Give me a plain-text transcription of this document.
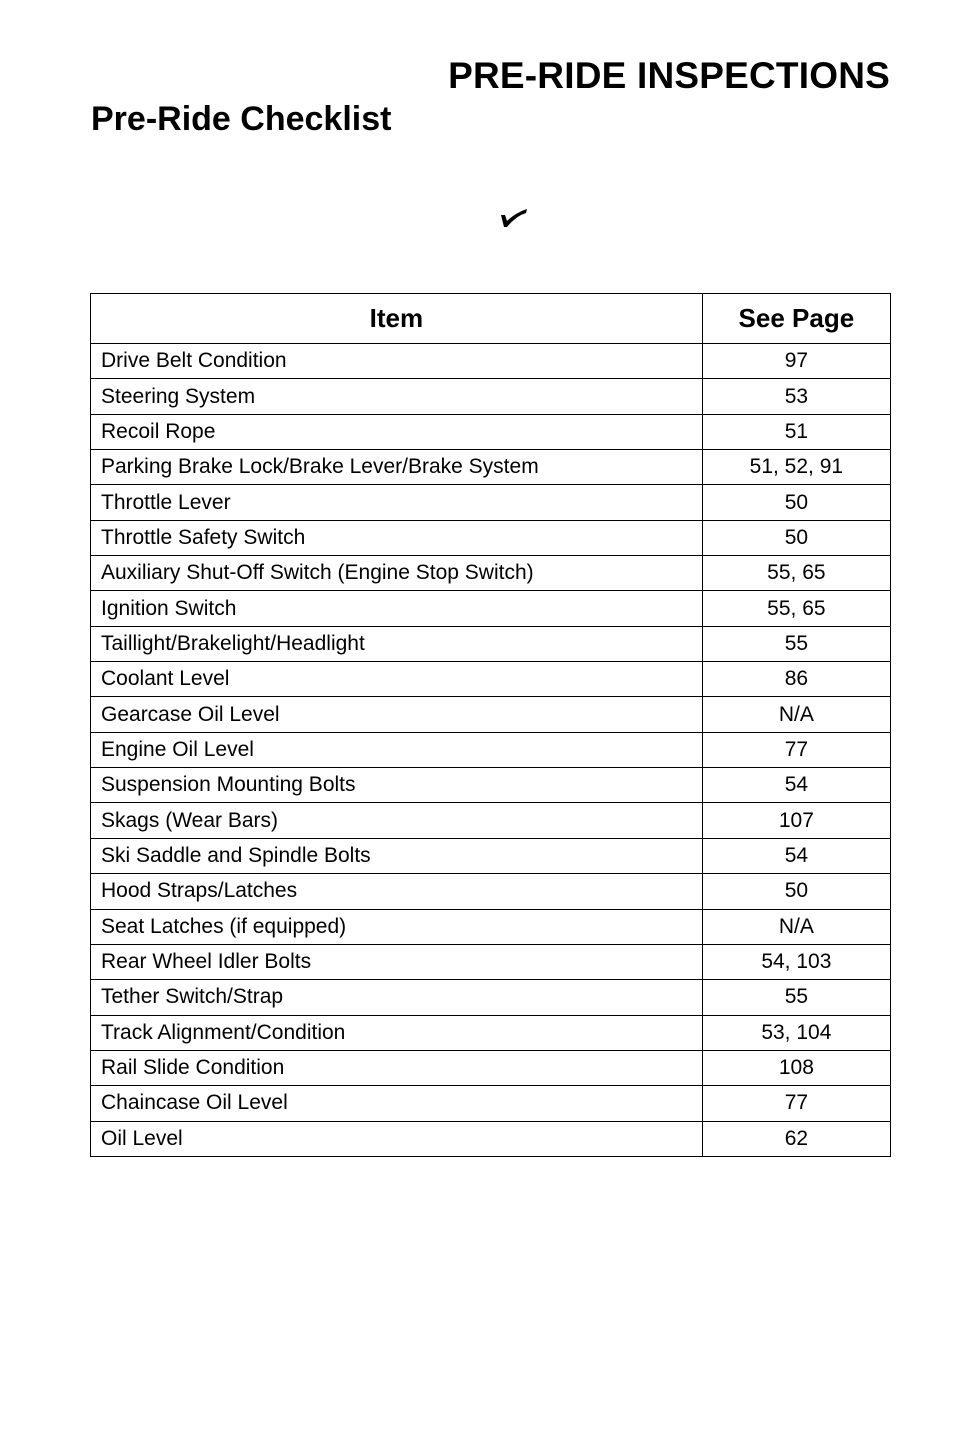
PRE-RIDE INSPECTIONS
Pre-Ride Checklist
Item	See Page
Drive Belt Condition	97
Steering System	53
Recoil Rope	51
Parking Brake Lock/Brake Lever/Brake System	51, 52, 91
Throttle Lever	50
Throttle Safety Switch	50
Auxiliary Shut-Off Switch (Engine Stop Switch)	55, 65
Ignition Switch	55, 65
Taillight/Brakelight/Headlight	55
Coolant Level	86
Gearcase Oil Level	N/A
Engine Oil Level	77
Suspension Mounting Bolts	54
Skags (Wear Bars)	107
Ski Saddle and Spindle Bolts	54
Hood Straps/Latches	50
Seat Latches (if equipped)	N/A
Rear Wheel Idler Bolts	54, 103
Tether Switch/Strap	55
Track Alignment/Condition	53, 104
Rail Slide Condition	108
Chaincase Oil Level	77
Oil Level	62
